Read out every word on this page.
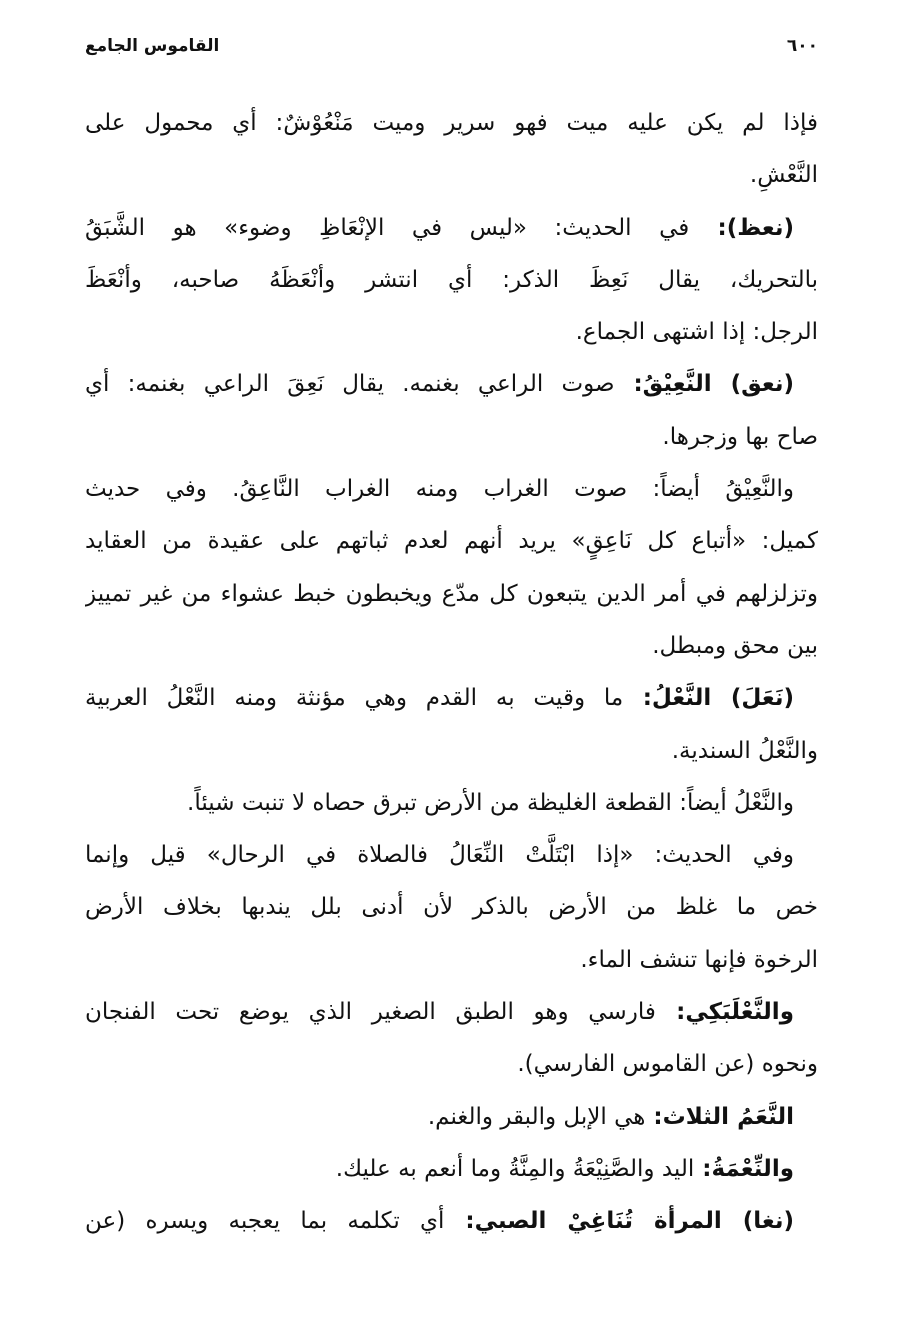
٦٠٠
القاموس الجامع
فإذا لم يكن عليه ميت فهو سرير وميت مَنْعُوْشٌ: أي محمول على
النَّعْشِ.
(نعظ): في الحديث: «ليس في الإنْعَاظِ وضوء» هو الشَّبَقُ
بالتحريك، يقال نَعِظَ الذكر: أي انتشر وأنْعَظَهُ صاحبه، وأنْعَظَ
الرجل: إذا اشتهى الجماع.
(نعق) النَّعِيْقُ: صوت الراعي بغنمه. يقال نَعِقَ الراعي بغنمه: أي
صاح بها وزجرها.
والنَّعِيْقُ أيضاً: صوت الغراب ومنه الغراب النَّاعِقُ. وفي حديث
كميل: «أتباع كل نَاعِقٍ» يريد أنهم لعدم ثباتهم على عقيدة من العقايد
وتزلزلهم في أمر الدين يتبعون كل مدّع ويخبطون خبط عشواء من غير تمييز
بين محق ومبطل.
(نَعَلَ) النَّعْلُ: ما وقيت به القدم وهي مؤنثة ومنه النَّعْلُ العربية
والنَّعْلُ السندية.
والنَّعْلُ أيضاً: القطعة الغليظة من الأرض تبرق حصاه لا تنبت شيئاً.
وفي الحديث: «إذا ابْتَلَّتْ النِّعَالُ فالصلاة في الرحال» قيل وإنما
خص ما غلظ من الأرض بالذكر لأن أدنى بلل يندبها بخلاف الأرض
الرخوة فإنها تنشف الماء.
والنَّعْلَبَكِي: فارسي وهو الطبق الصغير الذي يوضع تحت الفنجان
ونحوه (عن القاموس الفارسي).
النَّعَمُ الثلاث: هي الإبل والبقر والغنم.
والنِّعْمَةُ: اليد والصَّنِيْعَةُ والمِنَّةُ وما أنعم به عليك.
(نغا) المرأة تُنَاغِيْ الصبي: أي تكلمه بما يعجبه ويسره (عن
